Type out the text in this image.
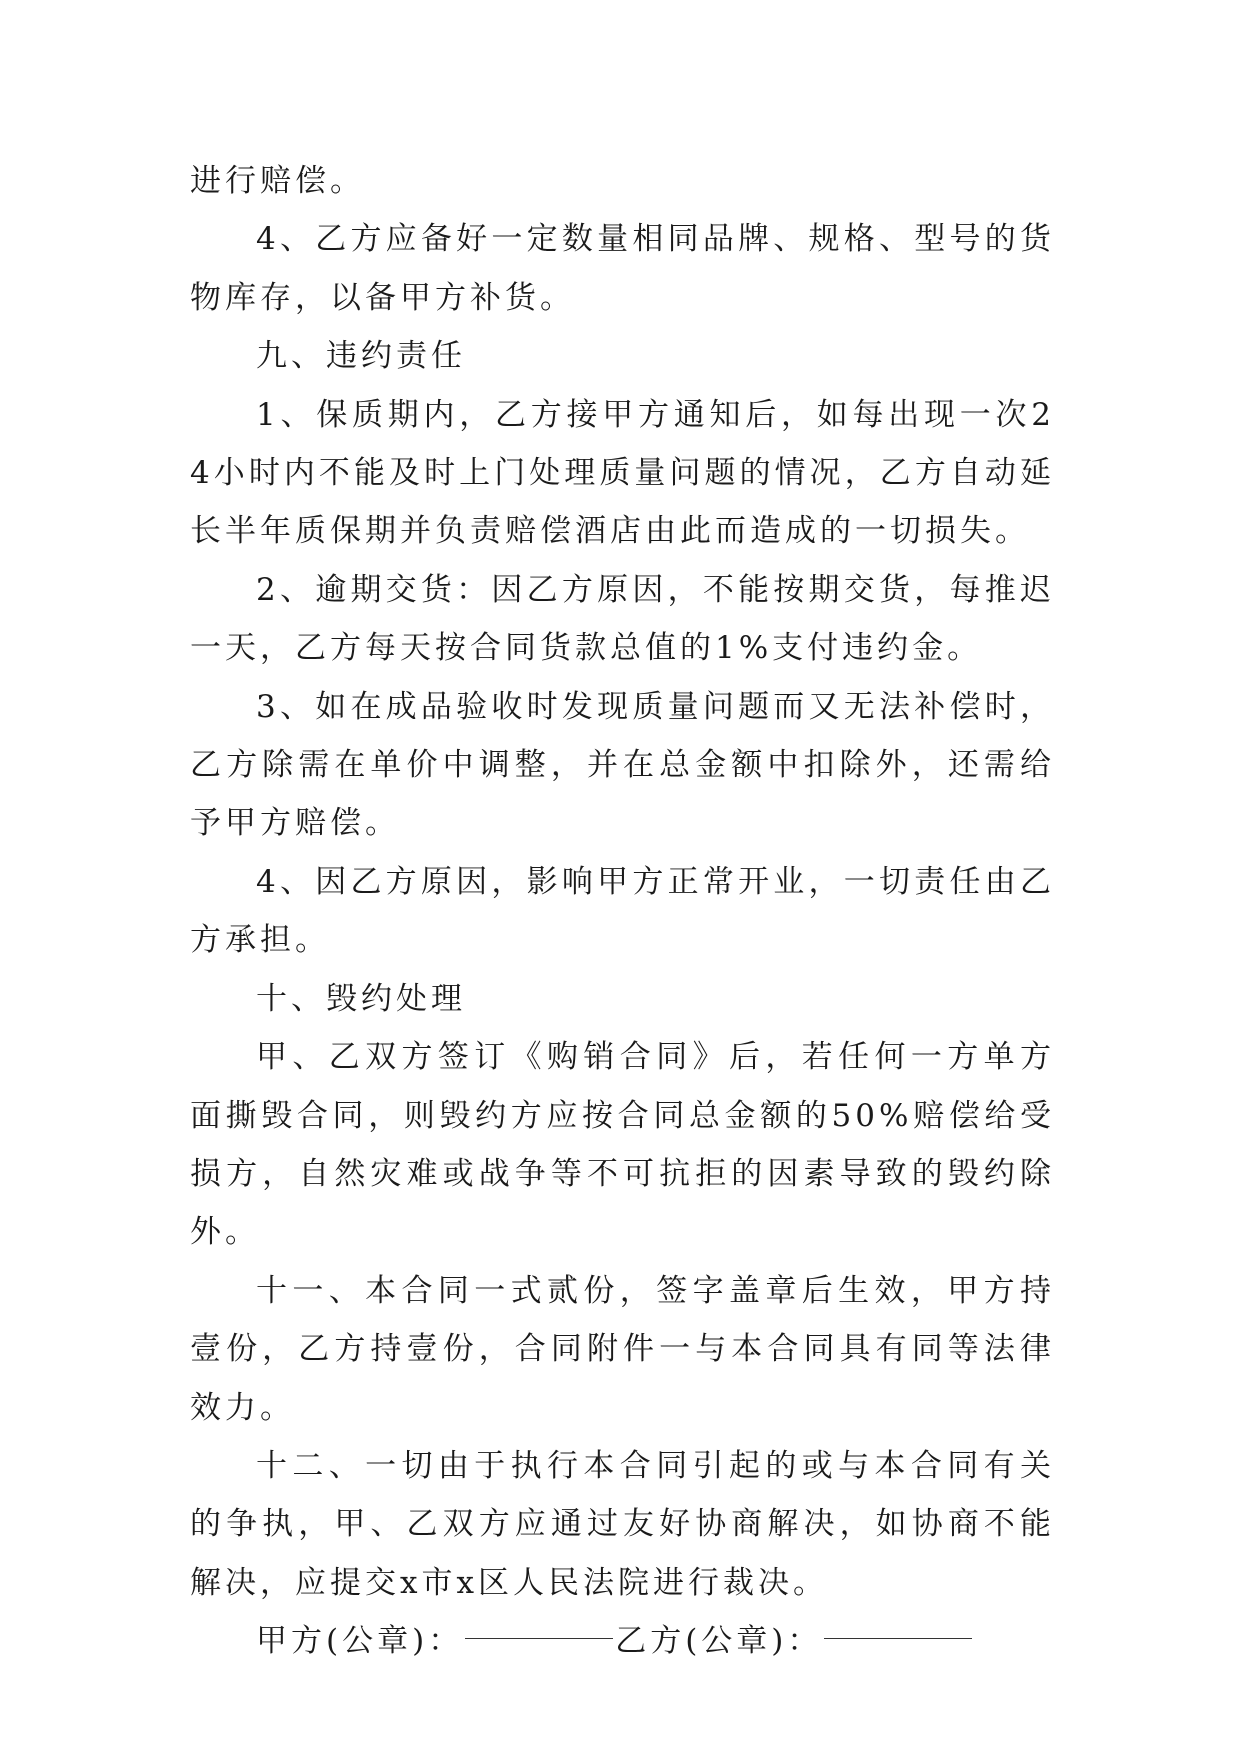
进行赔偿。

4、乙方应备好一定数量相同品牌、规格、型号的货物库存，以备甲方补货。

九、违约责任

1、保质期内，乙方接甲方通知后，如每出现一次24小时内不能及时上门处理质量问题的情况，乙方自动延长半年质保期并负责赔偿酒店由此而造成的一切损失。

2、逾期交货：因乙方原因，不能按期交货，每推迟一天，乙方每天按合同货款总值的1%支付违约金。

3、如在成品验收时发现质量问题而又无法补偿时，乙方除需在单价中调整，并在总金额中扣除外，还需给予甲方赔偿。

4、因乙方原因，影响甲方正常开业，一切责任由乙方承担。

十、毁约处理

甲、乙双方签订《购销合同》后，若任何一方单方面撕毁合同，则毁约方应按合同总金额的50%赔偿给受损方，自然灾难或战争等不可抗拒的因素导致的毁约除外。

十一、本合同一式贰份，签字盖章后生效，甲方持壹份，乙方持壹份，合同附件一与本合同具有同等法律效力。

十二、一切由于执行本合同引起的或与本合同有关的争执，甲、乙双方应通过友好协商解决，如协商不能解决，应提交x市x区人民法院进行裁决。

甲方(公章)：	乙方(公章)：
